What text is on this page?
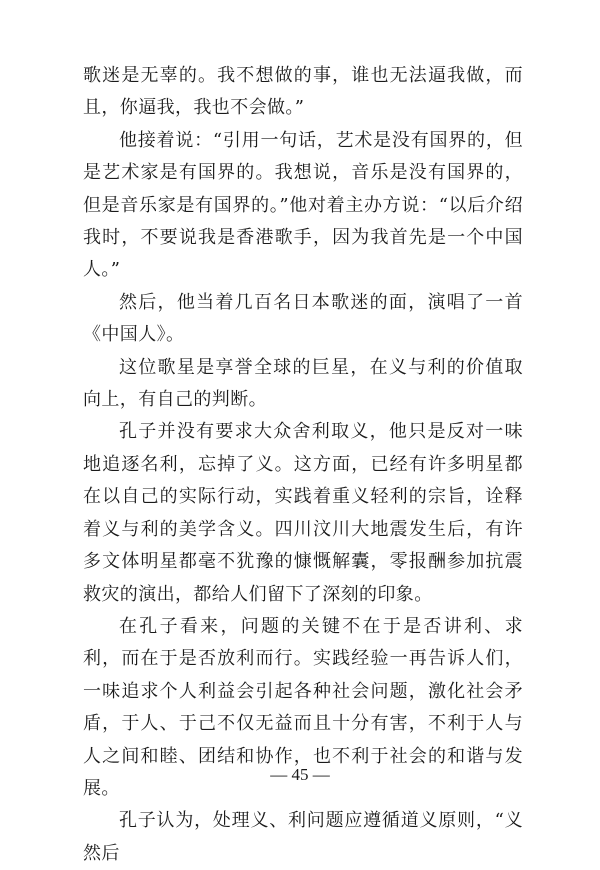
歌迷是无辜的。我不想做的事，谁也无法逼我做，而且，你逼我，我也不会做。”

他接着说：“引用一句话，艺术是没有国界的，但是艺术家是有国界的。我想说，音乐是没有国界的，但是音乐家是有国界的。”他对着主办方说：“以后介绍我时，不要说我是香港歌手，因为我首先是一个中国人。”

然后，他当着几百名日本歌迷的面，演唱了一首《中国人》。

这位歌星是享誉全球的巨星，在义与利的价值取向上，有自己的判断。

孔子并没有要求大众舍利取义，他只是反对一味地追逐名利，忘掉了义。这方面，已经有许多明星都在以自己的实际行动，实践着重义轻利的宗旨，诠释着义与利的美学含义。四川汶川大地震发生后，有许多文体明星都毫不犹豫的慷慨解囊，零报酬参加抗震救灾的演出，都给人们留下了深刻的印象。

在孔子看来，问题的关键不在于是否讲利、求利，而在于是否放利而行。实践经验一再告诉人们，一味追求个人利益会引起各种社会问题，激化社会矛盾，于人、于己不仅无益而且十分有害，不利于人与人之间和睦、团结和协作，也不利于社会的和谐与发展。

孔子认为，处理义、利问题应遵循道义原则，“义然后

— 45 —
